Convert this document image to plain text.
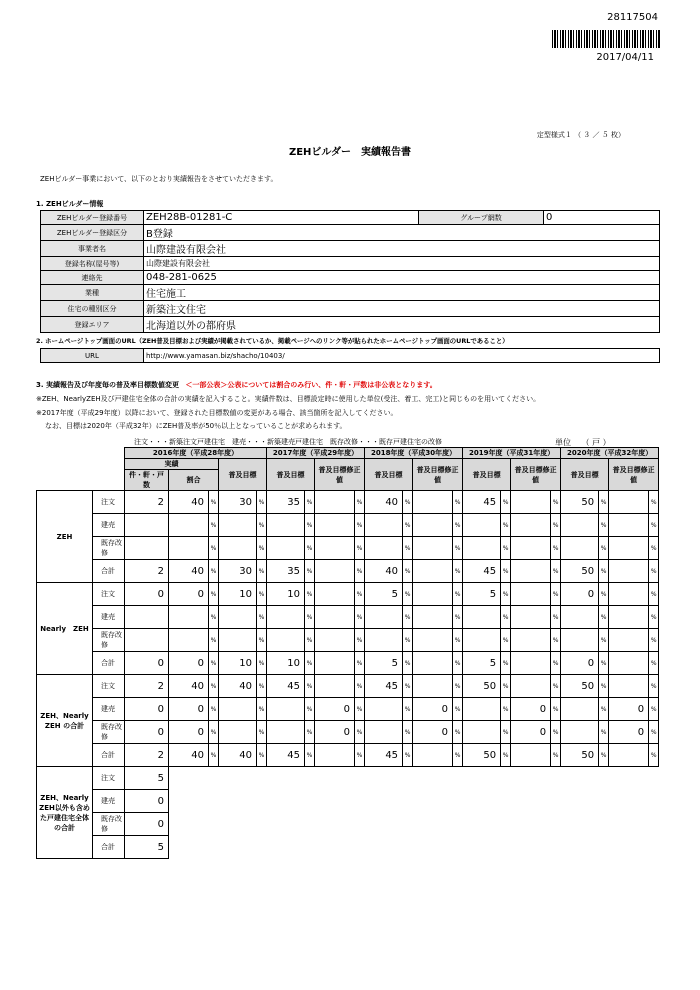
28117504
2017/04/11
定型様式１ （ ３ ／ ５ 枚）
ZEHビルダー　実績報告書
ZEHビルダー事業において、以下のとおり実績報告をさせていただきます。
1. ZEHビルダー情報
ZEHビルダー登録番号	ZEH28B-01281-C	グループ網数	0
ZEHビルダー登録区分	B登録		
事業者名	山際建設有限会社		
登録名称(屋号等)	山際建設有限会社		
連絡先	048-281-0625		
業種	住宅施工		
住宅の種別区分	新築注文住宅		
登録エリア	北海道以外の都府県		
2. ホームページトップ画面のURL（ZEH普及目標および実績が掲載されているか、掲載ページへのリンク等が貼られたホームページトップ画面のURLであること）
URL	http://www.yamasan.biz/shacho/10403/
3. 実績報告及び年度毎の普及率目標数値変更 ＜一部公表＞公表については割合のみ行い、件・軒・戸数は非公表となります。
※ZEH、NearlyZEH及び戸建住宅全体の合計の実績を記入すること。実績件数は、目標設定時に使用した単位(受注、着工、完工)と同じものを用いてください。
※2017年度（平成29年度）以降において、登録された目標数値の変更がある場合、該当箇所を記入してください。
なお、目標は2020年（平成32年）にZEH普及率が50％以上となっていることが求められます。
注文・・・新築注文戸建住宅　建売・・・新築建売戸建住宅　既存改修・・・既存戸建住宅の改修	単位 （ 戸 ）
		2016年度（平成28年度）					2017年度（平成29年度）				2018年度（平成30年度）				2019年度（平成31年度）				2020年度（平成32年度）			
		実績			普及目標		普及目標		普及目標修正値		普及目標		普及目標修正値		普及目標		普及目標修正値		普及目標		普及目標修正値	
		件・軒・戸数	割合																			
ZEH	注文	2	40	%	30	%	35	%		%	40	%		%	45	%		%	50	%		%
	建売			%		%		%		%		%		%		%		%		%		%
	既存改修			%		%		%		%		%		%		%		%		%		%
	合計	2	40	%	30	%	35	%		%	40	%		%	45	%		%	50	%		%
Nearly　ZEH	注文	0	0	%	10	%	10	%		%	5	%		%	5	%		%	0	%		%
	建売			%		%		%		%		%		%		%		%		%		%
	既存改修			%		%		%		%		%		%		%		%		%		%
	合計	0	0	%	10	%	10	%		%	5	%		%	5	%		%	0	%		%
ZEH、Nearly ZEH の合計	注文	2	40	%	40	%	45	%		%	45	%		%	50	%		%	50	%		%
	建売	0	0	%		%		%	0	%		%	0	%		%	0	%		%	0	%
	既存改修	0	0	%		%		%	0	%		%	0	%		%	0	%		%	0	%
	合計	2	40	%	40	%	45	%		%	45	%		%	50	%		%	50	%		%
ZEH、Nearly ZEH以外も含めた戸建住宅全体の合計	注文	5																				
	建売	0																				
	既存改修	0																				
	合計	5																				
